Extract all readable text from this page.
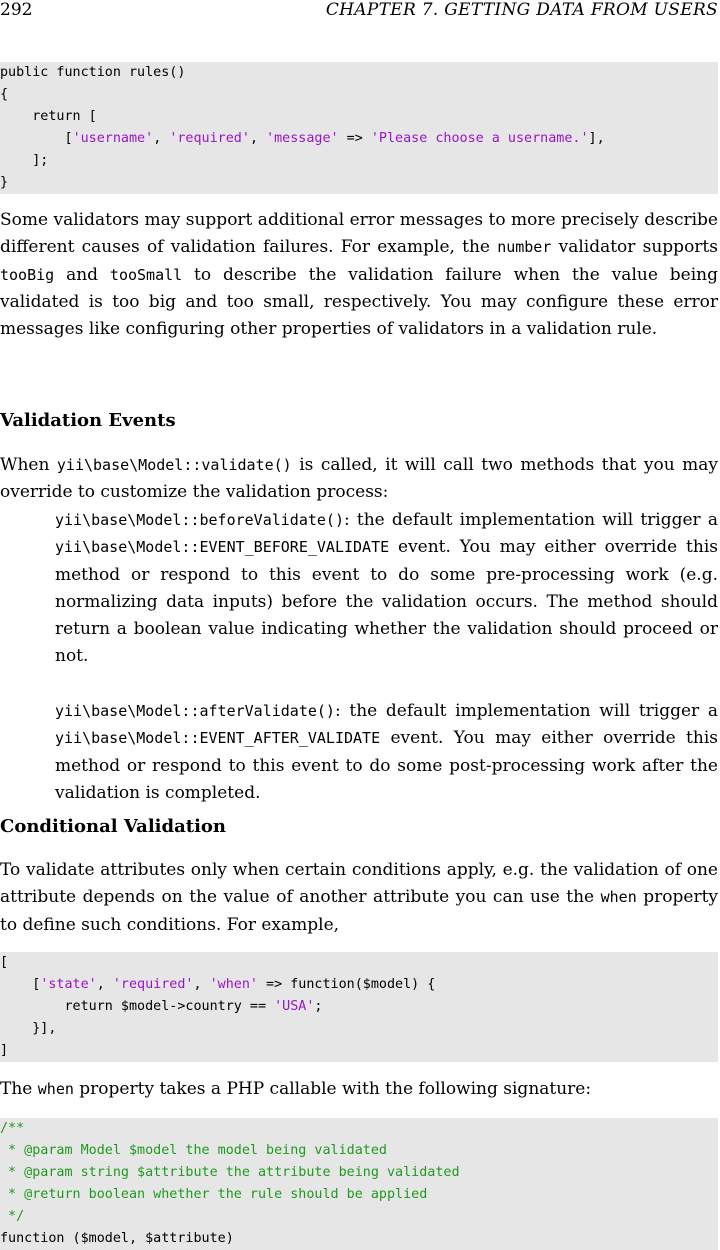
292	CHAPTER 7. GETTING DATA FROM USERS
public function rules()
{
return [
['username', 'required', 'message' => 'Please choose a username.'],
];
}
Some validators may support additional error messages to more precisely describe different causes of validation failures. For example, the number validator supports tooBig and tooSmall to describe the validation failure when the value being validated is too big and too small, respectively. You may configure these error messages like configuring other properties of validators in a validation rule.
Validation Events
When yii\base\Model::validate() is called, it will call two methods that you may override to customize the validation process:
yii\base\Model::beforeValidate(): the default implementation will trigger a yii\base\Model::EVENT_BEFORE_VALIDATE event. You may either override this method or respond to this event to do some pre-processing work (e.g. normalizing data inputs) before the validation occurs. The method should return a boolean value indicating whether the validation should proceed or not.
yii\base\Model::afterValidate(): the default implementation will trigger a yii\base\Model::EVENT_AFTER_VALIDATE event. You may either override this method or respond to this event to do some post-processing work after the validation is completed.
Conditional Validation
To validate attributes only when certain conditions apply, e.g. the validation of one attribute depends on the value of another attribute you can use the when property to define such conditions. For example,
[
['state', 'required', 'when' => function($model) {
return $model->country == 'USA';
}],
]
The when property takes a PHP callable with the following signature:
/**
* @param Model $model the model being validated
* @param string $attribute the attribute being validated
* @return boolean whether the rule should be applied
*/
function ($model, $attribute)
